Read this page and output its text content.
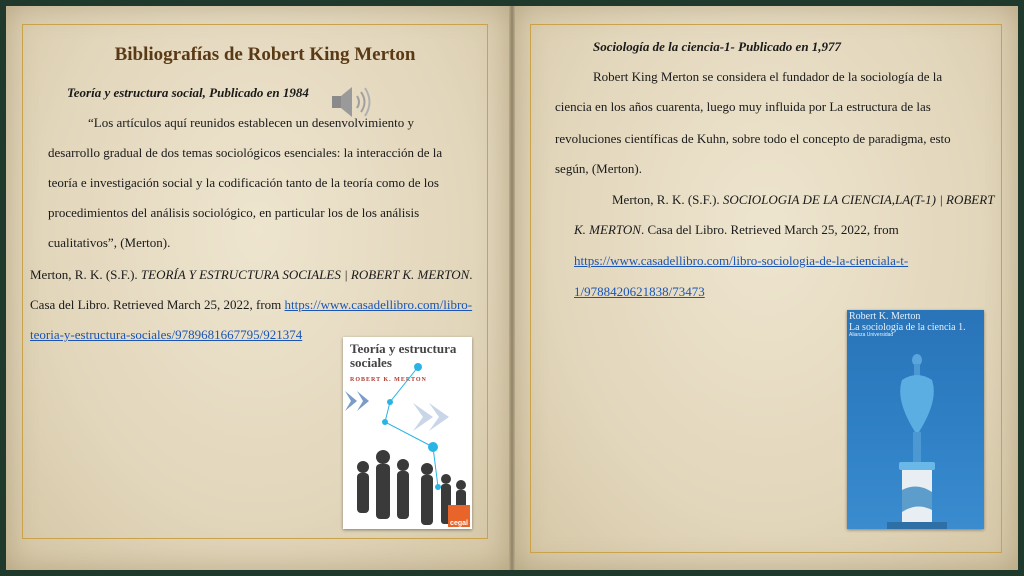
Bibliografías de Robert King Merton
Teoría y estructura social, Publicado en 1984
“Los artículos aquí reunidos establecen un desenvolvimiento y
desarrollo gradual de dos temas sociológicos esenciales: la interacción de la
teoría e investigación social y la codificación tanto de la teoría como de los
procedimientos del análisis sociológico, en particular los de los análisis
cualitativos”, (Merton).
Merton, R. K. (S.F.). TEORÍA Y ESTRUCTURA SOCIALES | ROBERT K. MERTON.
Casa del Libro. Retrieved March 25, 2022, from https://www.casadellibro.com/libro-
teoria-y-estructura-sociales/9789681667795/921374
Teoría y estructura
sociales
ROBERT K. MERTON
cegal
Sociología de la ciencia-1- Publicado en 1,977
Robert King Merton se considera el fundador de la sociología de la
ciencia en los años cuarenta, luego muy influida por La estructura de las
revoluciones científicas de Kuhn, sobre todo el concepto de paradigma, esto
según, (Merton).
Merton, R. K. (S.F.). SOCIOLOGIA DE LA CIENCIA,LA(T-1) | ROBERT
K. MERTON. Casa del Libro. Retrieved March 25, 2022, from
https://www.casadellibro.com/libro-sociologia-de-la-cienciala-t-
1/9788420621838/73473
Robert K. Merton
La sociología de la ciencia 1.
Alianza Universidad
